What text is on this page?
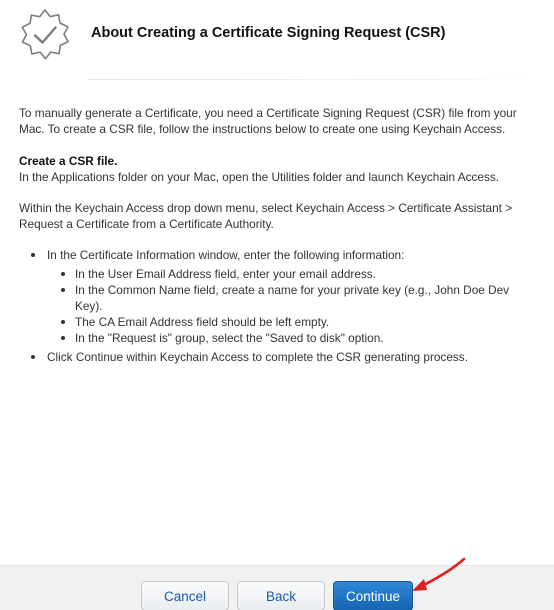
About Creating a Certificate Signing Request (CSR)

To manually generate a Certificate, you need a Certificate Signing Request (CSR) file from your Mac. To create a CSR file, follow the instructions below to create one using Keychain Access.

Create a CSR file.
In the Applications folder on your Mac, open the Utilities folder and launch Keychain Access.

Within the Keychain Access drop down menu, select Keychain Access > Certificate Assistant > Request a Certificate from a Certificate Authority.

In the Certificate Information window, enter the following information:
In the User Email Address field, enter your email address.
In the Common Name field, create a name for your private key (e.g., John Doe Dev Key).
The CA Email Address field should be left empty.
In the "Request is" group, select the "Saved to disk" option.
Click Continue within Keychain Access to complete the CSR generating process.
Cancel	Back	Continue
